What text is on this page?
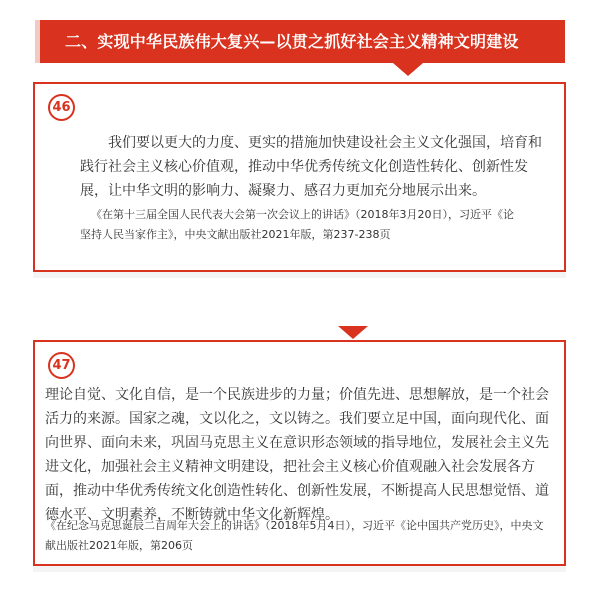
二、实现中华民族伟大复兴—以贯之抓好社会主义精神文明建设
46
我们要以更大的力度、更实的措施加快建设社会主义文化强国，培育和践行社会主义核心价值观，推动中华优秀传统文化创造性转化、创新性发展，让中华文明的影响力、凝聚力、感召力更加充分地展示出来。
《在第十三届全国人民代表大会第一次会议上的讲话》（2018年3月20日），习近平《论坚持人民当家作主》，中央文献出版社2021年版，第237-238页
47
理论自觉、文化自信，是一个民族进步的力量；价值先进、思想解放，是一个社会活力的来源。国家之魂，文以化之，文以铸之。我们要立足中国，面向现代化、面向世界、面向未来，巩固马克思主义在意识形态领域的指导地位，发展社会主义先进文化，加强社会主义精神文明建设，把社会主义核心价值观融入社会发展各方面，推动中华优秀传统文化创造性转化、创新性发展，不断提高人民思想觉悟、道德水平、文明素养，不断铸就中华文化新辉煌。
《在纪念马克思诞辰二百周年大会上的讲话》（2018年5月4日），习近平《论中国共产党历史》，中央文献出版社2021年版，第206页
